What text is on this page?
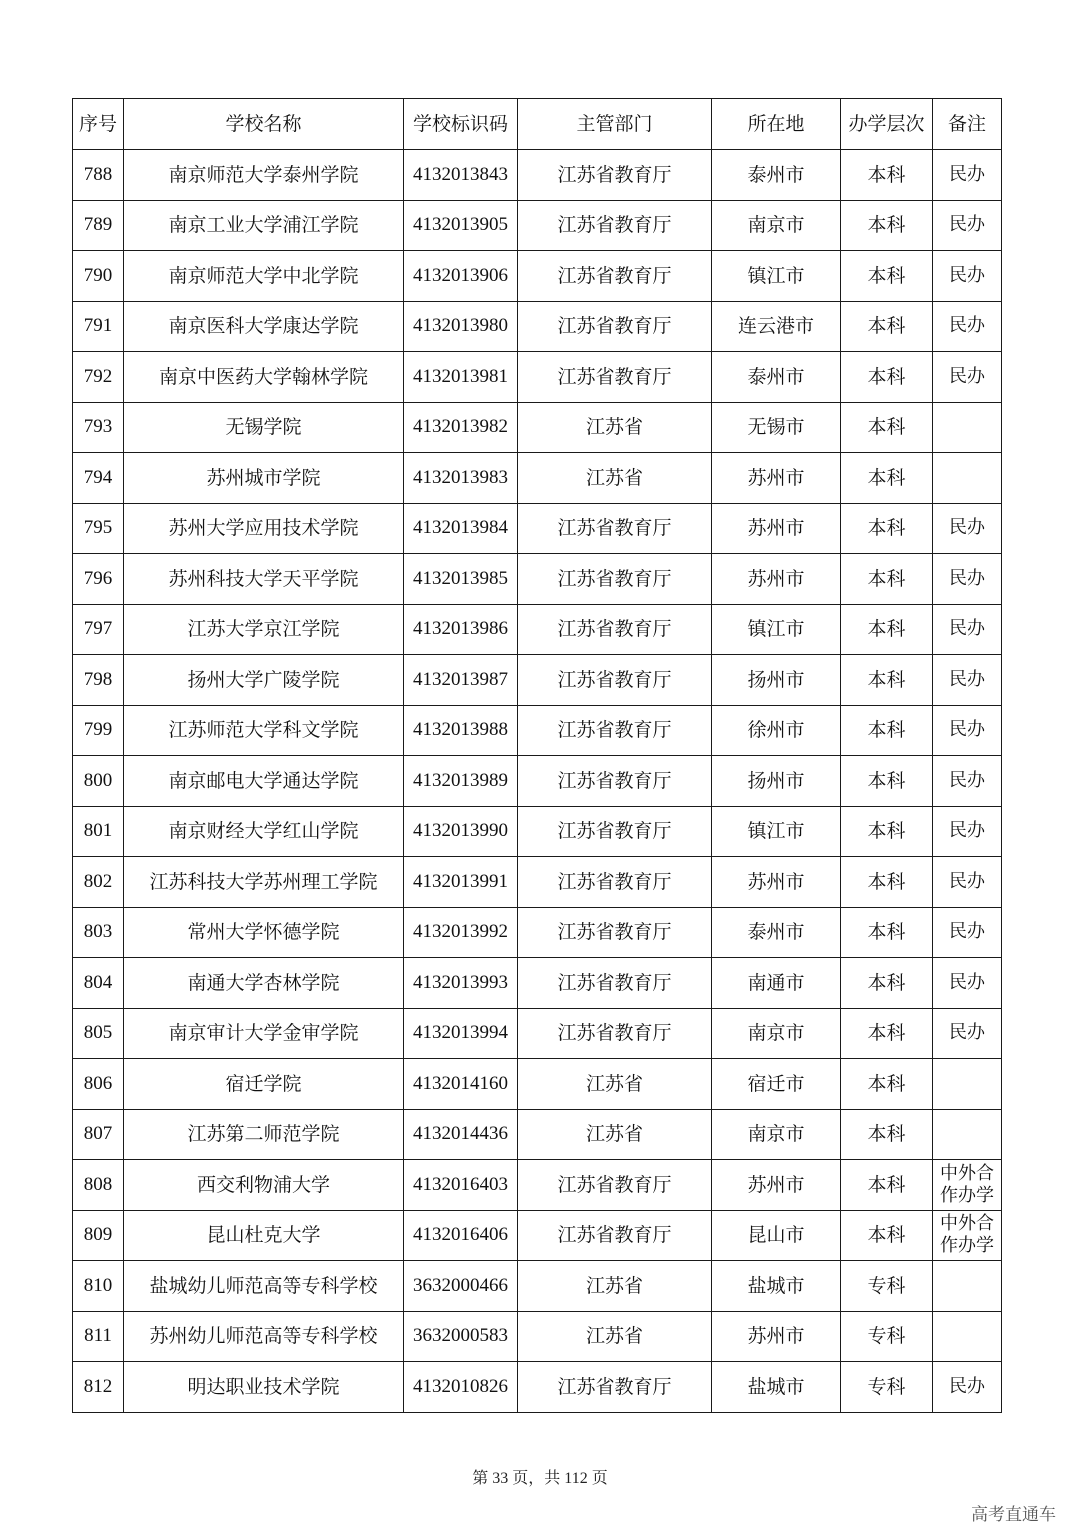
序号	学校名称	学校标识码	主管部门	所在地	办学层次	备注
788	南京师范大学泰州学院	4132013843	江苏省教育厅	泰州市	本科	民办
789	南京工业大学浦江学院	4132013905	江苏省教育厅	南京市	本科	民办
790	南京师范大学中北学院	4132013906	江苏省教育厅	镇江市	本科	民办
791	南京医科大学康达学院	4132013980	江苏省教育厅	连云港市	本科	民办
792	南京中医药大学翰林学院	4132013981	江苏省教育厅	泰州市	本科	民办
793	无锡学院	4132013982	江苏省	无锡市	本科	
794	苏州城市学院	4132013983	江苏省	苏州市	本科	
795	苏州大学应用技术学院	4132013984	江苏省教育厅	苏州市	本科	民办
796	苏州科技大学天平学院	4132013985	江苏省教育厅	苏州市	本科	民办
797	江苏大学京江学院	4132013986	江苏省教育厅	镇江市	本科	民办
798	扬州大学广陵学院	4132013987	江苏省教育厅	扬州市	本科	民办
799	江苏师范大学科文学院	4132013988	江苏省教育厅	徐州市	本科	民办
800	南京邮电大学通达学院	4132013989	江苏省教育厅	扬州市	本科	民办
801	南京财经大学红山学院	4132013990	江苏省教育厅	镇江市	本科	民办
802	江苏科技大学苏州理工学院	4132013991	江苏省教育厅	苏州市	本科	民办
803	常州大学怀德学院	4132013992	江苏省教育厅	泰州市	本科	民办
804	南通大学杏林学院	4132013993	江苏省教育厅	南通市	本科	民办
805	南京审计大学金审学院	4132013994	江苏省教育厅	南京市	本科	民办
806	宿迁学院	4132014160	江苏省	宿迁市	本科	
807	江苏第二师范学院	4132014436	江苏省	南京市	本科	
808	西交利物浦大学	4132016403	江苏省教育厅	苏州市	本科	中外合作办学
809	昆山杜克大学	4132016406	江苏省教育厅	昆山市	本科	中外合作办学
810	盐城幼儿师范高等专科学校	3632000466	江苏省	盐城市	专科	
811	苏州幼儿师范高等专科学校	3632000583	江苏省	苏州市	专科	
812	明达职业技术学院	4132010826	江苏省教育厅	盐城市	专科	民办
第 33 页，共 112 页
高考直通车
